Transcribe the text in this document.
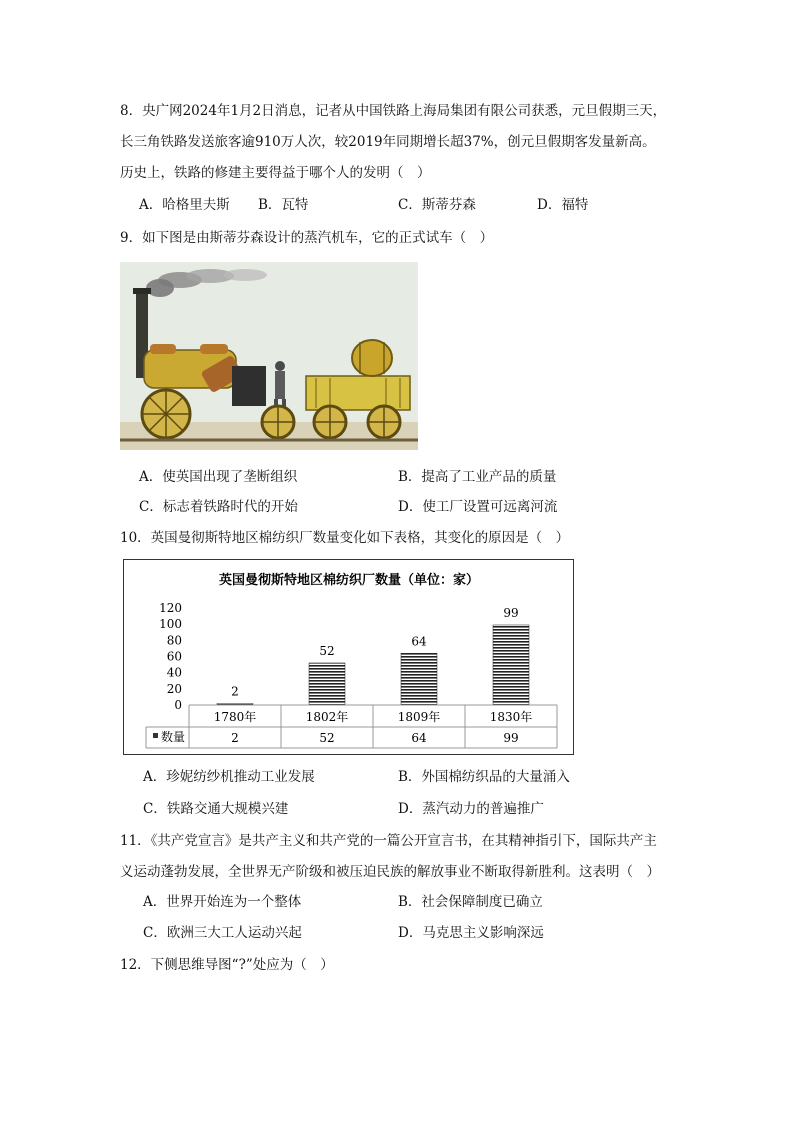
8．央广网2024年1月2日消息，记者从中国铁路上海局集团有限公司获悉，元旦假期三天，
长三角铁路发送旅客逾910万人次，较2019年同期增长超37%，创元旦假期客发量新高。
历史上，铁路的修建主要得益于哪个人的发明（　）
A．哈格里夫斯 B．瓦特	C．斯蒂芬森	D．福特
9．如下图是由斯蒂芬森设计的蒸汽机车，它的正式试车（　）
A．使英国出现了垄断组织	B．提高了工业产品的质量
C．标志着铁路时代的开始	D．使工厂设置可远离河流
10．英国曼彻斯特地区棉纺织厂数量变化如下表格，其变化的原因是（　）
英国曼彻斯特地区棉纺织厂数量（单位：家）
0
20
40
60
80
100
120
2
52
64
99
1780年	1802年	1809年	1830年
2	52	64	99
数量
A．珍妮纺纱机推动工业发展	B．外国棉纺织品的大量涌入
C．铁路交通大规模兴建	D．蒸汽动力的普遍推广
11．《共产党宣言》是共产主义和共产党的一篇公开宣言书，在其精神指引下，国际共产主
义运动蓬勃发展，全世界无产阶级和被压迫民族的解放事业不断取得新胜利。这表明（　）
A．世界开始连为一个整体	B．社会保障制度已确立
C．欧洲三大工人运动兴起	D．马克思主义影响深远
12．下侧思维导图“?”处应为（　）
